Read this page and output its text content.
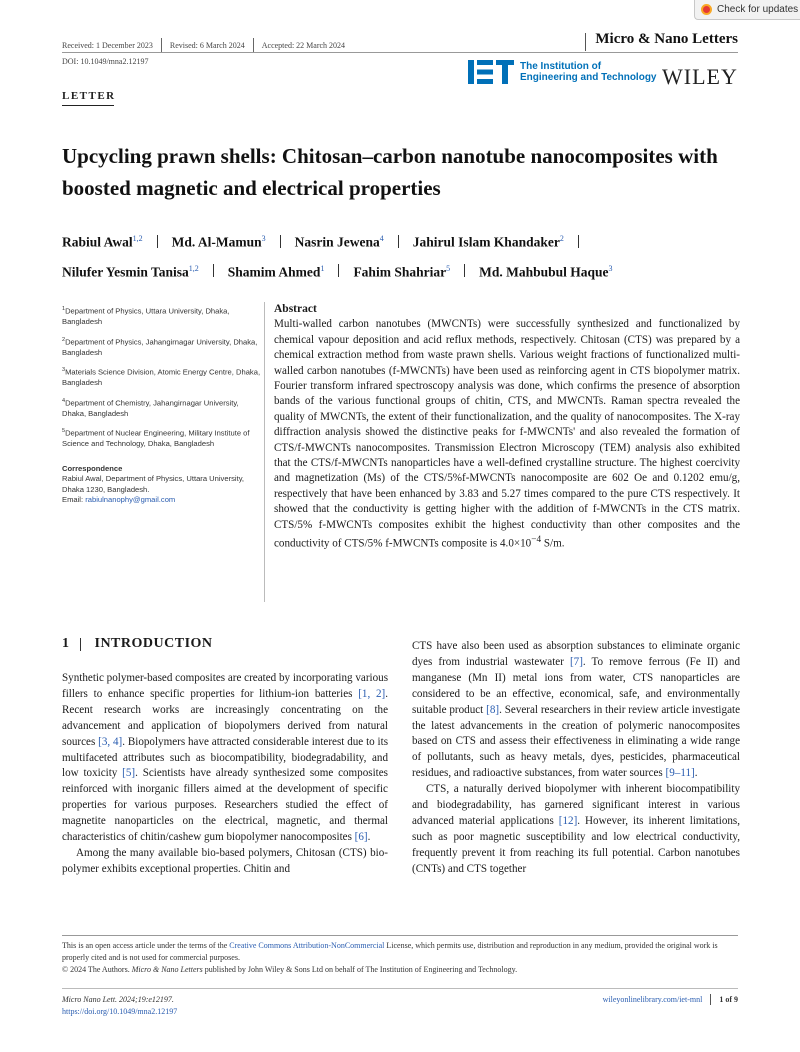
Check for updates
Received: 1 December 2023 Revised: 6 March 2024 Accepted: 22 March 2024	Micro & Nano Letters
DOI: 10.1049/mna2.12197	The Institution of
Engineering and Technology WILEY
LETTER
Upcycling prawn shells: Chitosan–carbon nanotube nanocomposites with boosted magnetic and electrical properties
Rabiul Awal$^{1,2}$ Md. Al-Mamun$^3$ Nasrin Jewena$^4$ Jahirul Islam Khandaker$^2$
Nilufer Yesmin Tanisa$^{1,2}$ Shamim Ahmed$^1$ Fahim Shahriar$^5$ Md. Mahbubul Haque$^3$
$^1$Department of Physics, Uttara University, Dhaka, Bangladesh
$^2$Department of Physics, Jahangirnagar University, Dhaka, Bangladesh
$^3$Materials Science Division, Atomic Energy Centre, Dhaka, Bangladesh
$^4$Department of Chemistry, Jahangirnagar University, Dhaka, Bangladesh
$^5$Department of Nuclear Engineering, Military Institute of Science and Technology, Dhaka, Bangladesh
Correspondence
Rabiul Awal, Department of Physics, Uttara University, Dhaka 1230, Bangladesh.
Email: rabiulnanophy@gmail.com
Abstract
Multi-walled carbon nanotubes (MWCNTs) were successfully synthesized and functionalized by chemical vapour deposition and acid reflux methods, respectively. Chitosan (CTS) was prepared by a chemical extraction method from waste prawn shells. Various weight fractions of functionalized multi-walled carbon nanotubes (f-MWCNTs) have been used as reinforcing agent in CTS biopolymer matrix. Fourier transform infrared spectroscopy analysis was done, which confirms the presence of absorption bands of the various functional groups of chitin, CTS, and MWCNTs. Raman spectra revealed the quality of MWCNTs, the extent of their functionalization, and the quality of nanocomposites. The X-ray diffraction analysis showed the distinctive peaks for f-MWCNTs' and also revealed the formation of CTS/f-MWCNTs nanocomposites. Transmission Electron Microscopy (TEM) analysis also exhibited that the CTS/f-MWCNTs nanoparticles have a well-defined crystalline structure. The highest coercivity and magnetization (Ms) of the CTS/5%f-MWCNTs nanocomposite are 602 Oe and 0.1202 emu/g, respectively that have been enhanced by 3.83 and 5.27 times compared to the pure CTS respectively. It showed that the conductivity is getting higher with the addition of f-MWCNTs in the CTS matrix. CTS/5% f-MWCNTs composites exhibit the highest conductivity than other composites and the conductivity of CTS/5% f-MWCNTs composite is $4.0\times 10^{-4}$ S/m.
1 INTRODUCTION

Synthetic polymer-based composites are created by incorporating various fillers to enhance specific properties for lithium-ion batteries [1, 2]. Recent research works are increasingly concentrating on the advancement and application of biopolymers derived from natural sources [3, 4]. Biopolymers have attracted considerable interest due to its multifaceted attributes such as biocompatibility, biodegradability, and low toxicity [5]. Scientists have already synthesized some composites reinforced with inorganic fillers aimed at the development of specific properties for various purposes. Researchers studied the effect of magnetite nanoparticles on the electrical, magnetic, and thermal characteristics of chitin/cashew gum biopolymer nanocomposites [6].

Among the many available bio-based polymers, Chitosan (CTS) bio-polymer exhibits exceptional properties. Chitin and

CTS have also been used as absorption substances to eliminate organic dyes from industrial wastewater [7]. To remove ferrous (Fe II) and manganese (Mn II) metal ions from water, CTS nanoparticles are considered to be an effective, economical, safe, and environmentally suitable product [8]. Several researchers in their review article investigate the latest advancements in the creation of polymeric nanocomposites based on CTS and assess their effectiveness in eliminating a wide range of pollutants, such as heavy metals, dyes, pesticides, pharmaceutical residues, and radioactive substances, from water sources [9–11].

CTS, a naturally derived biopolymer with inherent biocompatibility and biodegradability, has garnered significant interest in various advanced material applications [12]. However, its inherent limitations, such as poor magnetic susceptibility and low electrical conductivity, frequently prevent it from reaching its full potential. Carbon nanotubes (CNTs) and CTS together

This is an open access article under the terms of the Creative Commons Attribution-NonCommercial License, which permits use, distribution and reproduction in any medium, provided the original work is properly cited and is not used for commercial purposes.
© 2024 The Authors. Micro & Nano Letters published by John Wiley & Sons Ltd on behalf of The Institution of Engineering and Technology.
Micro Nano Lett. 2024;19:e12197.
https://doi.org/10.1049/mna2.12197
wileyonlinelibrary.com/iet-mnl 1 of 9
